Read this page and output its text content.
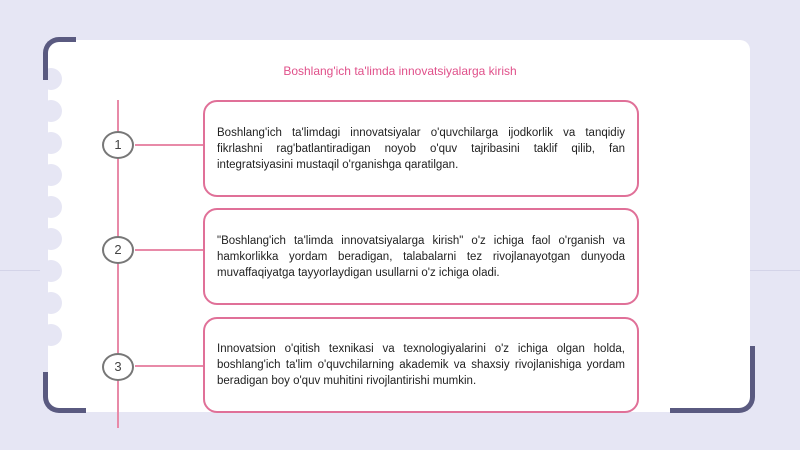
Boshlang'ich ta'limda innovatsiyalarga kirish
1

Boshlang'ich ta'limdagi innovatsiyalar o'quvchilarga ijodkorlik va tanqidiy fikrlashni rag'batlantiradigan noyob o'quv tajribasini taklif qilib, fan integratsiyasini mustaqil o'rganishga qaratilgan.

2

"Boshlang'ich ta'limda innovatsiyalarga kirish" o'z ichiga faol o'rganish va hamkorlikka yordam beradigan, talabalarni tez rivojlanayotgan dunyoda muvaffaqiyatga tayyorlaydigan usullarni o'z ichiga oladi.

3

Innovatsion o'qitish texnikasi va texnologiyalarini o'z ichiga olgan holda, boshlang'ich ta'lim o'quvchilarning akademik va shaxsiy rivojlanishiga yordam beradigan boy o'quv muhitini rivojlantirishi mumkin.
